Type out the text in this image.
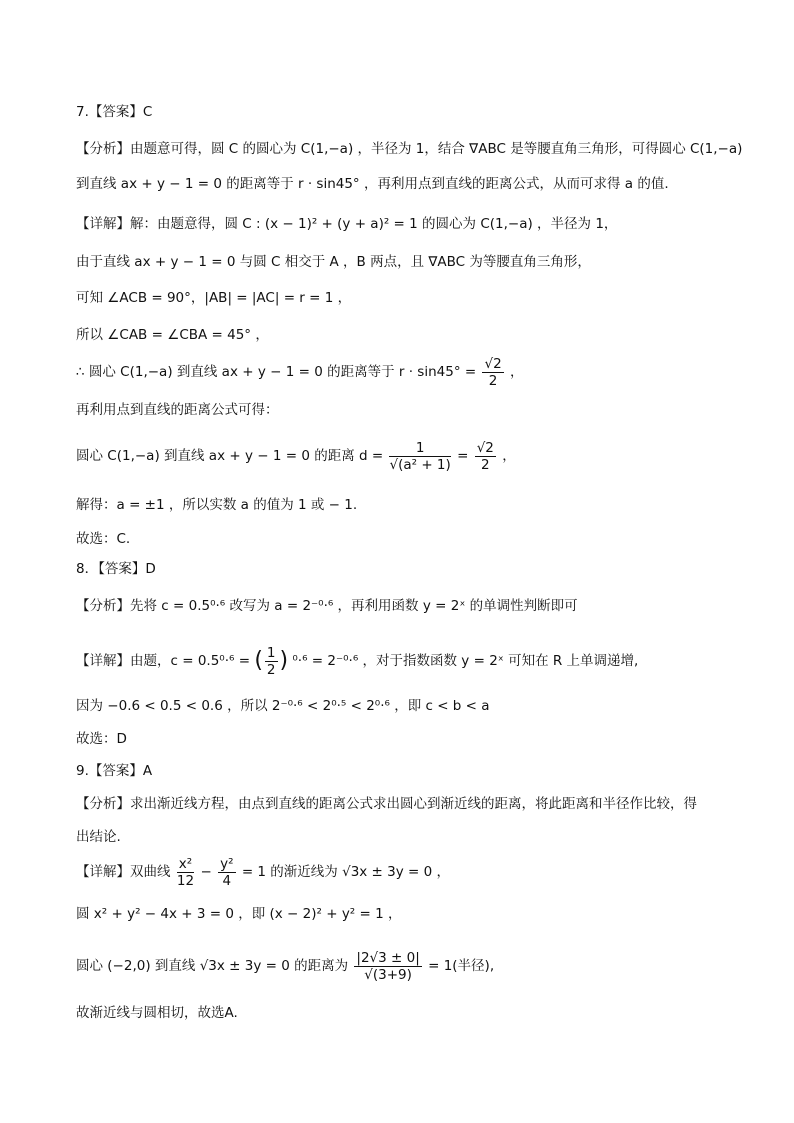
7.【答案】C
【分析】由题意可得，圆 C 的圆心为 C(1,−a) ，半径为 1，结合 ∇ABC 是等腰直角三角形，可得圆心 C(1,−a)
到直线 ax + y − 1 = 0 的距离等于 r · sin45° ，再利用点到直线的距离公式，从而可求得 a 的值.
【详解】解：由题意得，圆 C : (x − 1)² + (y + a)² = 1 的圆心为 C(1,−a) ，半径为 1，
由于直线 ax + y − 1 = 0 与圆 C 相交于 A ，B 两点，且 ∇ABC 为等腰直角三角形，
可知 ∠ACB = 90°，|AB| = |AC| = r = 1 ，
所以 ∠CAB = ∠CBA = 45° ，
∴ 圆心 C(1,−a) 到直线 ax + y − 1 = 0 的距离等于 $r \cdot \sin 45^\circ = \frac{√2}{2}$ ，
再利用点到直线的距离公式可得：
圆心 C(1,−a) 到直线 ax + y − 1 = 0 的距离 $d = \frac{1}{\text{√(a² + 1)}} = \frac{√2}{2}$ ，
解得：a = ±1 ，所以实数 a 的值为 1 或 − 1.
故选：C.
8．【答案】D
【分析】先将 c = 0.5⁰·⁶ 改写为 a = 2⁻⁰·⁶ ，再利用函数 y = 2ˣ 的单调性判断即可
【详解】由题，c = 0.5⁰·⁶ = ( $\frac{1}{2}$ ) ⁰·⁶ = 2⁻⁰·⁶ ，对于指数函数 y = 2ˣ 可知在 R 上单调递增,
因为 −0.6 < 0.5 < 0.6 ，所以 2⁻⁰·⁶ < 2⁰·⁵ < 2⁰·⁶ ，即 c < b < a
故选：D
9.【答案】A
【分析】求出渐近线方程，由点到直线的距离公式求出圆心到渐近线的距离，将此距离和半径作比较，得
出结论.
【详解】双曲线 $\frac{\text{x²}}{12} - \frac{\text{y²}}{4} = 1$ 的渐近线为 √3x ± 3y = 0 ，
圆 x² + y² − 4x + 3 = 0 ，即 (x − 2)² + y² = 1 ，
圆心 (−2,0) 到直线 √3x ± 3y = 0 的距离为 $\frac{|2√3 \pm 0|}{√(3+9)} = 1$(半径),
故渐近线与圆相切，故选A.
